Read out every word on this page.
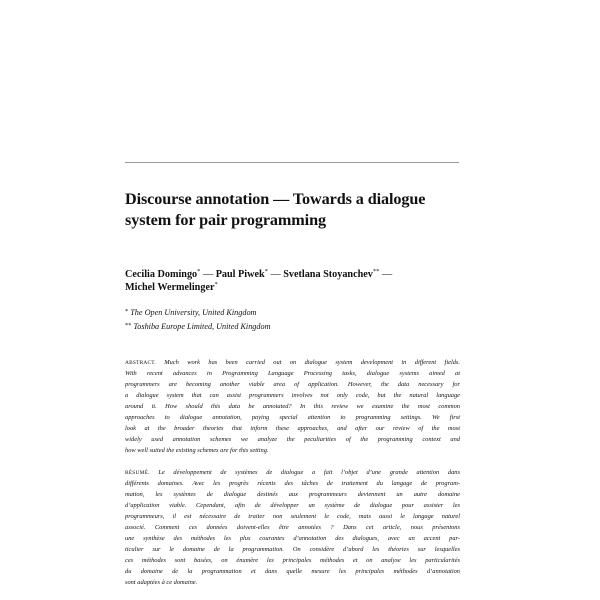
Discourse annotation — Towards a dialogue
system for pair programming
Cecilia Domingo* — Paul Piwek* — Svetlana Stoyanchev** —
Michel Wermelinger*
* The Open University, United Kingdom
** Toshiba Europe Limited, United Kingdom
ABSTRACT. Much work has been carried out on dialogue system development in different fields.
With recent advances in Programming Language Processing tasks, dialogue systems aimed at
programmers are becoming another viable area of application. However, the data necessary for
a dialogue system that can assist programmers involves not only code, but the natural language
around it. How should this data be annotated? In this review we examine the most common
approaches to dialogue annotation, paying special attention to programming settings. We first
look at the broader theories that inform these approaches, and after our review of the most
widely used annotation schemes we analyze the peculiarities of the programming context and
how well suited the existing schemes are for this setting.
RÉSUMÉ. Le développement de systèmes de dialogue a fait l’objet d’une grande attention dans
différents domaines. Avec les progrès récents des tâches de traitement du langage de program-
mation, les systèmes de dialogue destinés aux programmeurs deviennent un autre domaine
d’application viable. Cependant, afin de développer un système de dialogue pour assister les
programmeurs, il est nécessaire de traiter non seulement le code, mais aussi le langage naturel
associé. Comment ces données doivent-elles être annotées ? Dans cet article, nous présentons
une synthèse des méthodes les plus courantes d’annotation des dialogues, avec un accent par-
ticulier sur le domaine de la programmation. On considère d’abord les théories sur lesquelles
ces méthodes sont basées, on énumère les principales méthodes et on analyse les particularités
du domaine de la programmation et dans quelle mesure les principales méthodes d’annotation
sont adaptées à ce domaine.
